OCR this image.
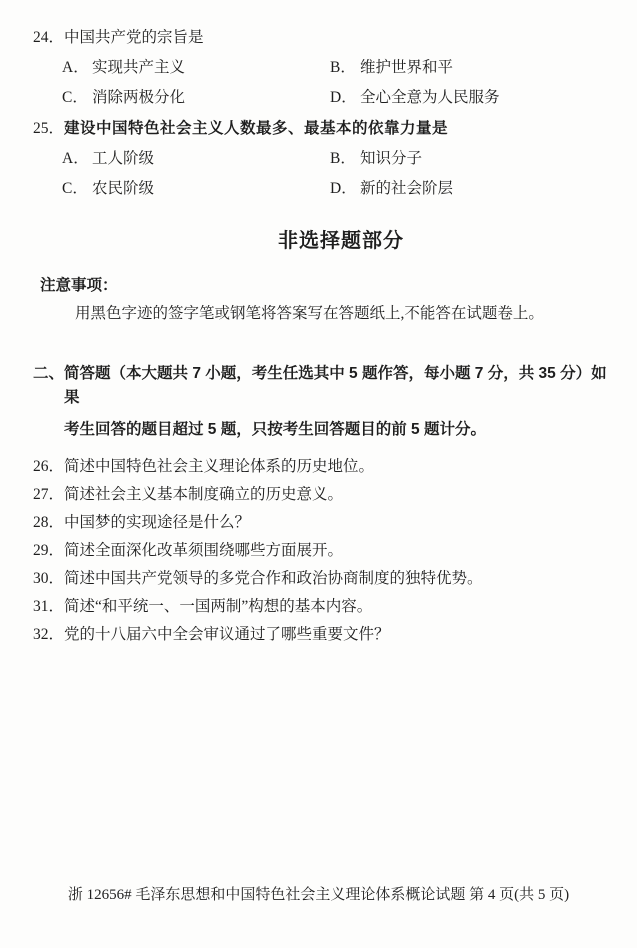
24． 中国共产党的宗旨是
A． 实现共产主义	B． 维护世界和平
C． 消除两极分化	D． 全心全意为人民服务
25． 建设中国特色社会主义人数最多、最基本的依靠力量是
A． 工人阶级	B． 知识分子
C． 农民阶级	D． 新的社会阶层
非选择题部分
注意事项：
用黑色字迹的签字笔或钢笔将答案写在答题纸上,不能答在试题卷上。
二、 简答题（本大题共 7 小题，考生任选其中 5 题作答，每小题 7 分，共 35 分）如果
考生回答的题目超过 5 题，只按考生回答题目的前 5 题计分。
26． 简述中国特色社会主义理论体系的历史地位。
27． 简述社会主义基本制度确立的历史意义。
28． 中国梦的实现途径是什么？
29． 简述全面深化改革须围绕哪些方面展开。
30． 简述中国共产党领导的多党合作和政治协商制度的独特优势。
31． 简述“和平统一、一国两制”构想的基本内容。
32． 党的十八届六中全会审议通过了哪些重要文件？
浙 12656# 毛泽东思想和中国特色社会主义理论体系概论试题 第 4 页(共 5 页)
